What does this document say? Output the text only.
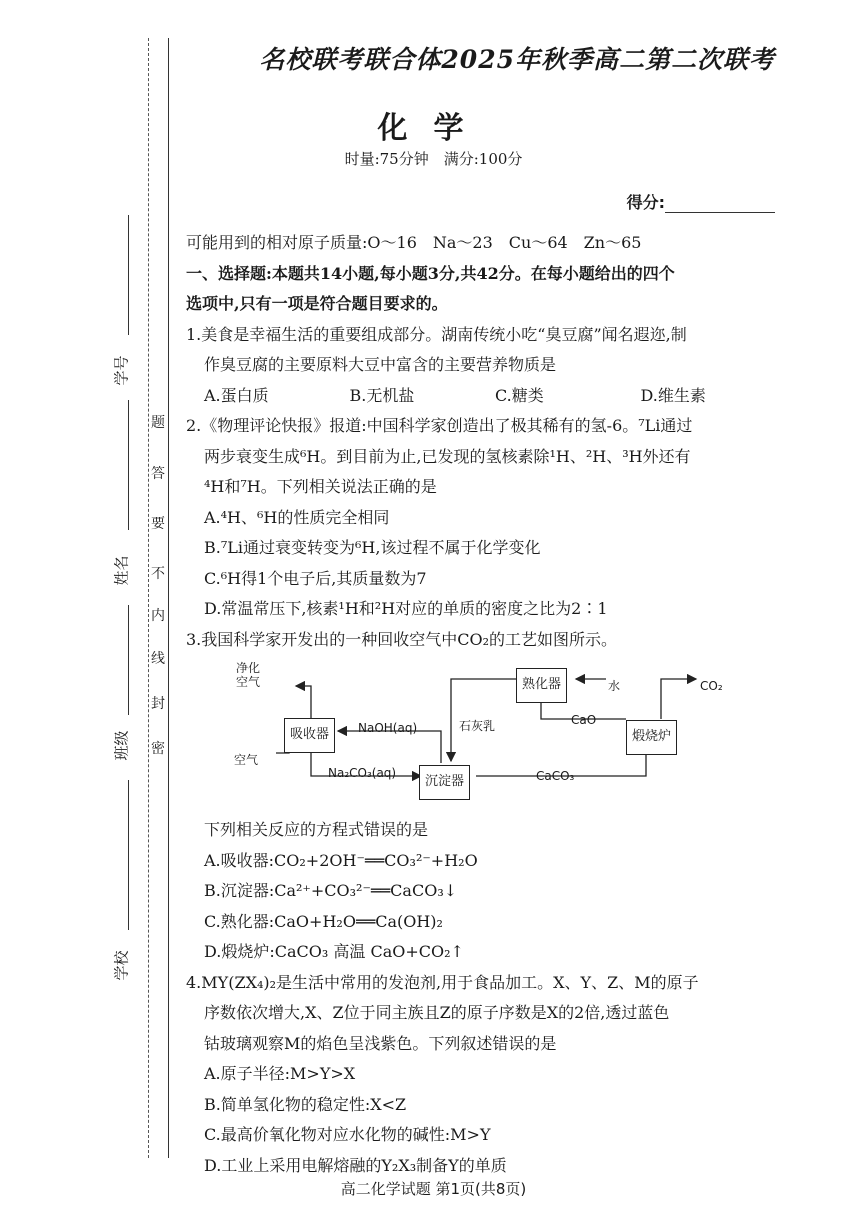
题
答
要
不
内
线
封
密
学号
姓名
班级
学校
名校联考联合体2025年秋季高二第二次联考
化学
时量:75分钟　满分:100分
得分:
可能用到的相对原子质量:O～16　Na～23　Cu～64　Zn～65
一、选择题:本题共14小题,每小题3分,共42分。在每小题给出的四个
选项中,只有一项是符合题目要求的。
1.美食是幸福生活的重要组成部分。湖南传统小吃“臭豆腐”闻名遐迩,制
作臭豆腐的主要原料大豆中富含的主要营养物质是
A.蛋白质	B.无机盐	C.糖类	D.维生素
2.《物理评论快报》报道:中国科学家创造出了极其稀有的氢-6。⁷Li通过
两步衰变生成⁶H。到目前为止,已发现的氢核素除¹H、²H、³H外还有
⁴H和⁷H。下列相关说法正确的是
A.⁴H、⁶H的性质完全相同
B.⁷Li通过衰变转变为⁶H,该过程不属于化学变化
C.⁶H得1个电子后,其质量数为7
D.常温常压下,核素¹H和²H对应的单质的密度之比为2∶1
3.我国科学家开发出的一种回收空气中CO₂的工艺如图所示。
净化
空气
吸收器
空气
NaOH(aq)
Na₂CO₃(aq)
沉淀器
石灰乳
熟化器	水	CO₂
CaO
煅烧炉
CaCO₃
下列相关反应的方程式错误的是
A.吸收器:CO₂+2OH⁻══CO₃²⁻+H₂O
B.沉淀器:Ca²⁺+CO₃²⁻══CaCO₃↓
C.熟化器:CaO+H₂O══Ca(OH)₂
D.煅烧炉:CaCO₃ 高温 CaO+CO₂↑
4.MY(ZX₄)₂是生活中常用的发泡剂,用于食品加工。X、Y、Z、M的原子
序数依次增大,X、Z位于同主族且Z的原子序数是X的2倍,透过蓝色
钴玻璃观察M的焰色呈浅紫色。下列叙述错误的是
A.原子半径:M>Y>X
B.简单氢化物的稳定性:X<Z
C.最高价氧化物对应水化物的碱性:M>Y
D.工业上采用电解熔融的Y₂X₃制备Y的单质
高二化学试题 第1页(共8页)
